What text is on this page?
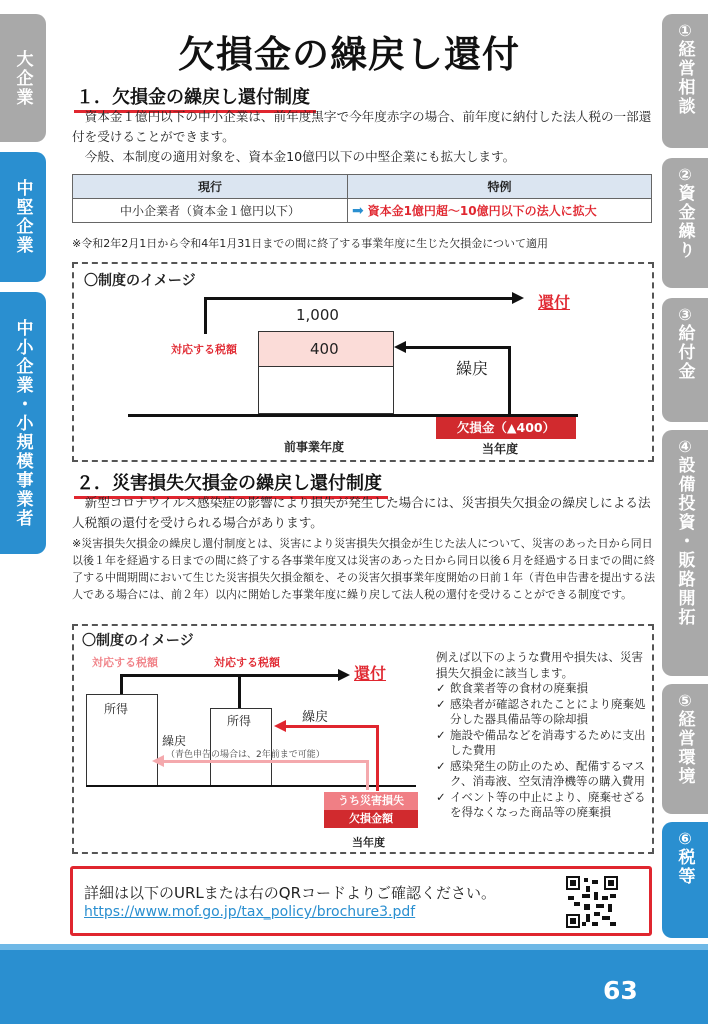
大企業
中堅企業
中小企業・小規模事業者
①
経営相談
②
資金繰り
③
給付金
④
設備投資・販路開拓
⑤
経営環境
⑥
税等
欠損金の繰戻し還付
１．欠損金の繰戻し還付制度
資本金１億円以下の中小企業は、前年度黒字で今年度赤字の場合、前年度に納付した法人税の一部還付を受けることができます。
今般、本制度の適用対象を、資本金10億円以下の中堅企業にも拡大します。
現行	特例
中小企業者（資本金１億円以下）	➡ 資本金1億円超～10億円以下の法人に拡大
※令和2年2月1日から令和4年1月31日までの間に終了する事業年度に生じた欠損金について適用
〇制度のイメージ
還付
対応する税額
1,000
400
繰戻
欠損金（▲400）
前事業年度	当年度
２．災害損失欠損金の繰戻し還付制度
新型コロナウイルス感染症の影響により損失が発生した場合には、災害損失欠損金の繰戻しによる法人税額の還付を受けられる場合があります。
※災害損失欠損金の繰戻し還付制度とは、災害により災害損失欠損金が生じた法人について、災害のあった日から同日以後１年を経過する日までの間に終了する各事業年度又は災害のあった日から同日以後６月を経過する日までの間に終了する中間期間において生じた災害損失欠損金額を、その災害欠損事業年度開始の日前１年（青色申告書を提出する法人である場合には、前２年）以内に開始した事業年度に繰り戻して法人税の還付を受けることができる制度です。
〇制度のイメージ
対応する税額	対応する税額
還付
所得
所得	繰戻
繰戻
（青色申告の場合は、2年前まで可能）
うち災害損失
欠損金額
当年度
例えば以下のような費用や損失は、災害損失欠損金に該当します。
✓ 飲食業者等の食材の廃棄損
✓ 感染者が確認されたことにより廃棄処分した器具備品等の除却損
✓ 施設や備品などを消毒するために支出した費用
✓ 感染発生の防止のため、配備するマスク、消毒液、空気清浄機等の購入費用
✓ イベント等の中止により、廃棄せざるを得なくなった商品等の廃棄損
詳細は以下のURLまたは右のQRコードよりご確認ください。
https://www.mof.go.jp/tax_policy/brochure3.pdf
63
